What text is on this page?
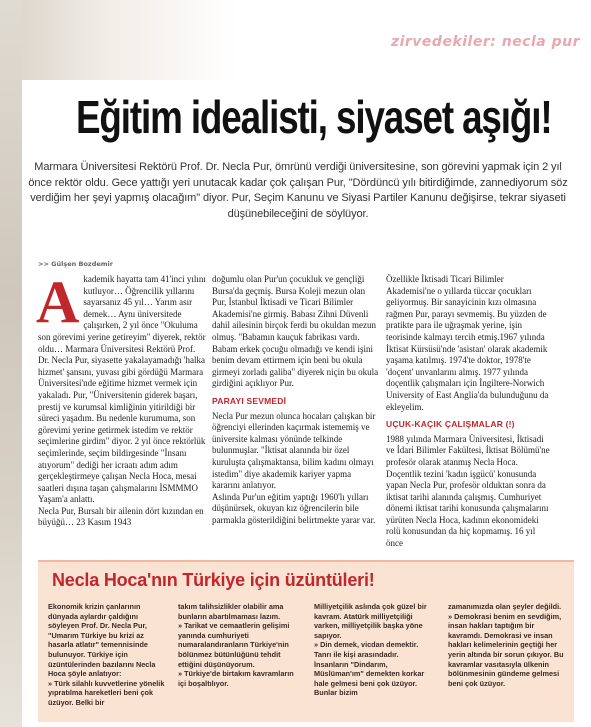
zirvedekiler: necla pur
Eğitim idealisti, siyaset aşığı!
Marmara Üniversitesi Rektörü Prof. Dr. Necla Pur, ömrünü verdiği üniversitesine, son görevini yapmak için 2 yıl önce rektör oldu. Gece yattığı yeri unutacak kadar çok çalışan Pur, "Dördüncü yılı bitirdiğimde, zannediyorum söz verdiğim her şeyi yapmış olacağım" diyor. Pur, Seçim Kanunu ve Siyasi Partiler Kanunu değişirse, tekrar siyaseti düşünebileceğini de söylüyor.
>> Gülşen Bozdemir
A kademik hayatta tam 41'inci yılını kutluyor… Öğrencilik yıllarını sayarsanız 45 yıl… Yarım asır demek… Aynı üniversitede çalışırken, 2 yıl önce "Okuluma son görevimi yerine getireyim" diyerek, rektör oldu… Marmara Üniversitesi Rektörü Prof. Dr. Necla Pur, siyasette yakalayamadığı 'halka hizmet' şansını, yuvası gibi gördüğü Marmara Üniversitesi'nde eğitime hizmet vermek için yakaladı. Pur, "Üniversitenin giderek başarı, prestij ve kurumsal kimliğinin yitirildiği bir süreci yaşadım. Bu nedenle kurumuma, son görevimi yerine getirmek istedim ve rektör seçimlerine girdim" diyor. 2 yıl önce rektörlük seçimlerinde, seçim bildirgesinde "İnsanı atıyorum" dediği her icraatı adım adım gerçekleştirmeye çalışan Necla Hoca, mesai saatleri dışına taşan çalışmalarını İSMMMO Yaşam'a anlattı.
Necla Pur, Bursalı bir ailenin dört kızından en büyüğü… 23 Kasım 1943

doğumlu olan Pur'un çocukluk ve gençliği Bursa'da geçmiş. Bursa Koleji mezun olan Pur, İstanbul İktisadi ve Ticari Bilimler Akademisi'ne girmiş. Babası Zihni Düvenli dahil ailesinin birçok ferdi bu okuldan mezun olmuş. "Babamın kauçuk fabrikası vardı. Babam erkek çocuğu olmadığı ve kendi işini benim devam ettirmem için beni bu okula girmeyi zorladı galiba" diyerek niçin bu okula girdiğini açıklıyor Pur.

PARAYI SEVMEDİ

Necla Pur mezun olunca hocaları çalışkan bir öğrenciyi ellerinden kaçırmak istememiş ve üniversite kalması yönünde telkinde bulunmuşlar. "İktisat alanında bir özel kuruluşta çalışmaktansa, bilim kadını olmayı istedim" diye akademik kariyer yapma kararını anlatıyor.
Aslında Pur'un eğitim yaptığı 1960'lı yılları düşünürsek, okuyan kız öğrencilerin bile parmakla gösterildiğini belirtmekte yarar var.

Özellikle İktisadi Ticari Bilimler Akademisi'ne o yıllarda tüccar çocukları geliyormuş. Bir sanayicinin kızı olmasına rağmen Pur, parayı sevmemiş. Bu yüzden de pratikte para ile uğraşmak yerine, işin teorisinde kalmayı tercih etmiş.1967 yılında İktisat Kürsüsü'nde 'asistan' olarak akademik yaşama katılmış. 1974'te doktor, 1978'te 'doçent' unvanlarını almış. 1977 yılında doçentlik çalışmaları için İngiltere-Norwich University of East Anglia'da bulunduğunu da ekleyelim.

UÇUK-KAÇIK ÇALIŞMALAR (!)

1988 yılında Marmara Üniversitesi, İktisadi ve İdari Bilimler Fakültesi, İktisat Bölümü'ne profesör olarak atanmış Necla Hoca. Doçentlik tezini 'kadın işgücü' konusunda yapan Necla Pur, profesör olduktan sonra da iktisat tarihi alanında çalışmış. Cumhuriyet dönemi iktisat tarihi konusunda çalışmalarını yürüten Necla Hoca, kadının ekonomideki rolü konusundan da hiç kopmamış. 16 yıl önce

Necla Hoca'nın Türkiye için üzüntüleri!

Ekonomik krizin çanlarının dünyada aylardır çaldığını söyleyen Prof. Dr. Necla Pur, "Umarım Türkiye bu krizi az hasarla atlatır" temennisinde bulunuyor. Türkiye için üzüntülerinden bazılarını Necla Hoca şöyle anlatıyor:

» Türk silahlı kuvvetlerine yönelik yıpratılma hareketleri beni çok üzüyor. Belki bir

takım talihsizlikler olabilir ama bunların abartılmaması lazım.

» Tarikat ve cemaatlerin gelişimi yanında cumhuriyeti numaralandıranların Türkiye'nin bölünmez bütünlüğünü tehdit ettiğini düşünüyorum.

» Türkiye'de birtakım kavramların içi boşaltılıyor.

Milliyetçilik aslında çok güzel bir kavram. Atatürk milliyetçiliği varken, milliyetçilik başka yöne sapıyor.

» Din demek, vicdan demektir. Tanrı ile kişi arasındadır. İnsanların "Dindarım, Müslüman'ım" demekten korkar hale gelmesi beni çok üzüyor. Bunlar bizim

zamanımızda olan şeyler değildi.

» Demokrasi benim en sevdiğim, insan hakları taptığım bir kavramdı. Demokrasi ve insan hakları kelimelerinin geçtiği her yerin altında bir sorun çıkıyor. Bu kavramlar vasıtasıyla ülkenin bölünmesinin gündeme gelmesi beni çok üzüyor.
